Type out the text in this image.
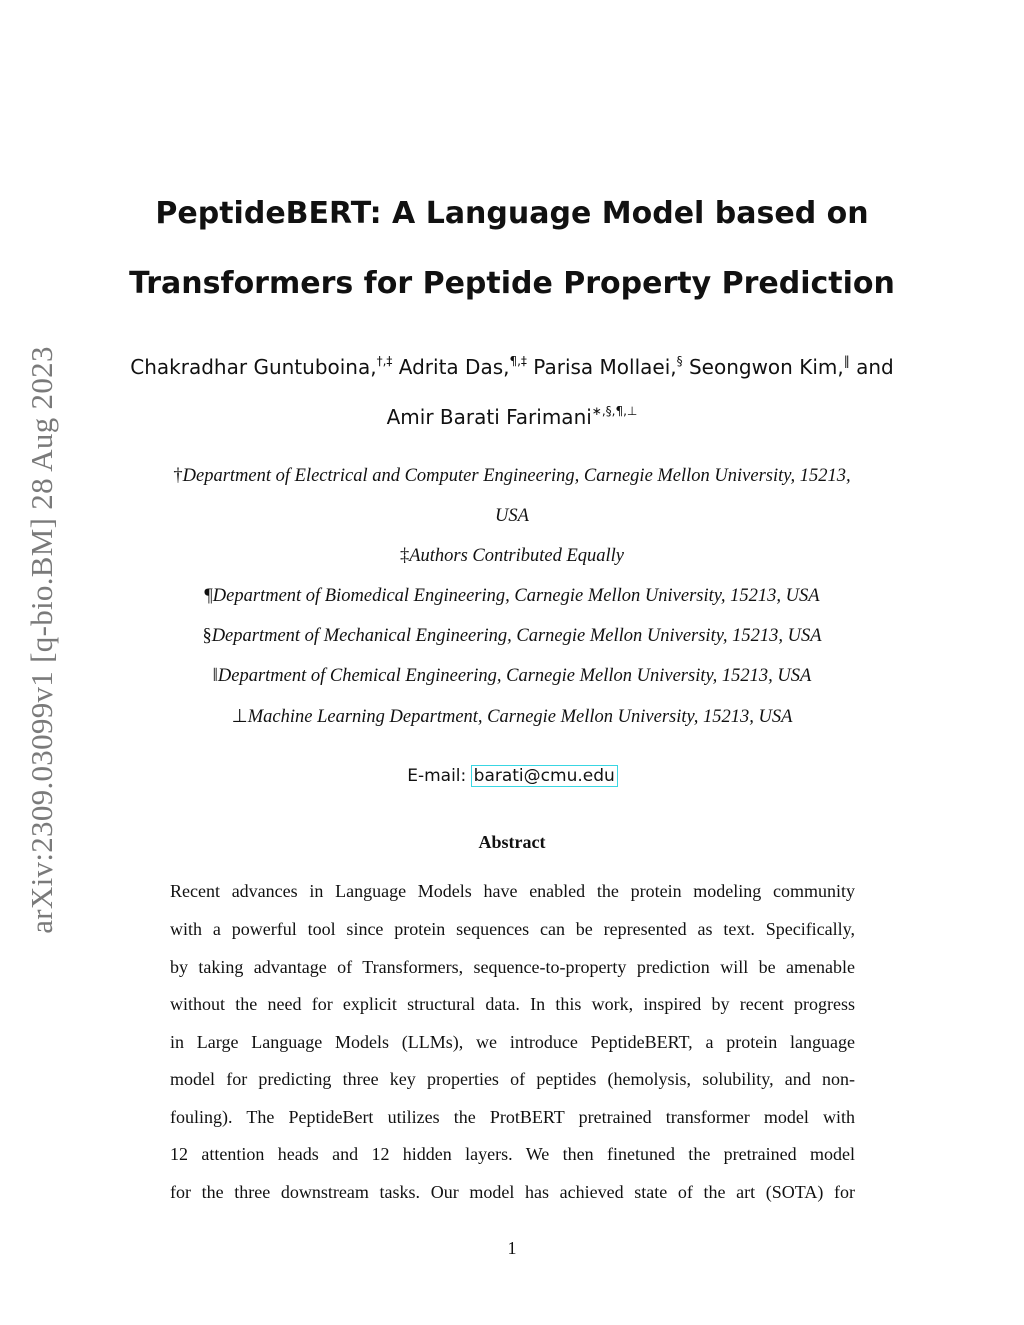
arXiv:2309.03099v1 [q-bio.BM] 28 Aug 2023
PeptideBERT: A Language Model based on
Transformers for Peptide Property Prediction
Chakradhar Guntuboina,†,‡ Adrita Das,¶,‡ Parisa Mollaei,§ Seongwon Kim,‖ and
Amir Barati Farimani∗,§,¶,⊥
†Department of Electrical and Computer Engineering, Carnegie Mellon University, 15213,
USA
‡Authors Contributed Equally
¶Department of Biomedical Engineering, Carnegie Mellon University, 15213, USA
§Department of Mechanical Engineering, Carnegie Mellon University, 15213, USA
‖Department of Chemical Engineering, Carnegie Mellon University, 15213, USA
⊥Machine Learning Department, Carnegie Mellon University, 15213, USA
E-mail: barati@cmu.edu
Abstract
Recent advances in Language Models have enabled the protein modeling community
with a powerful tool since protein sequences can be represented as text. Specifically,
by taking advantage of Transformers, sequence-to-property prediction will be amenable
without the need for explicit structural data. In this work, inspired by recent progress
in Large Language Models (LLMs), we introduce PeptideBERT, a protein language
model for predicting three key properties of peptides (hemolysis, solubility, and non-
fouling). The PeptideBert utilizes the ProtBERT pretrained transformer model with
12 attention heads and 12 hidden layers. We then finetuned the pretrained model
for the three downstream tasks. Our model has achieved state of the art (SOTA) for
1
